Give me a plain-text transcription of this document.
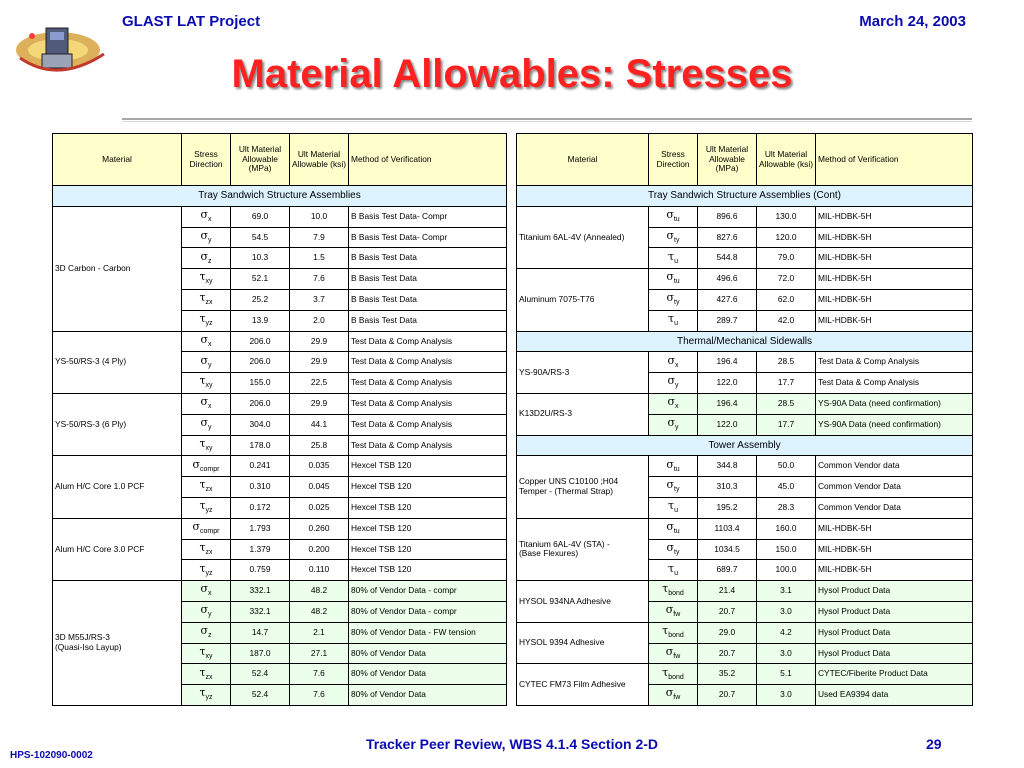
GLAST LAT Project	March 24, 2003
Material Allowables: Stresses
Material	Stress Direction	Ult Material Allowable (MPa)	Ult Material Allowable (ksi)	Method of Verification
Tray Sandwich Structure Assemblies				
3D Carbon - Carbon	$\sigma_x$	69.0	10.0	B Basis Test Data- Compr
	$\sigma_y$	54.5	7.9	B Basis Test Data- Compr
	$\sigma_z$	10.3	1.5	B Basis Test Data
	$\tau_{xy}$	52.1	7.6	B Basis Test Data
	$\tau_{zx}$	25.2	3.7	B Basis Test Data
	$\tau_{yz}$	13.9	2.0	B Basis Test Data
YS-50/RS-3 (4 Ply)	$\sigma_x$	206.0	29.9	Test Data & Comp Analysis
	$\sigma_y$	206.0	29.9	Test Data & Comp Analysis
	$\tau_{xy}$	155.0	22.5	Test Data & Comp Analysis
YS-50/RS-3 (6 Ply)	$\sigma_x$	206.0	29.9	Test Data & Comp Analysis
	$\sigma_y$	304.0	44.1	Test Data & Comp Analysis
	$\tau_{xy}$	178.0	25.8	Test Data & Comp Analysis
Alum H/C Core 1.0 PCF	$\sigma_{compr}$	0.241	0.035	Hexcel TSB 120
	$\tau_{zx}$	0.310	0.045	Hexcel TSB 120
	$\tau_{yz}$	0.172	0.025	Hexcel TSB 120
Alum H/C Core 3.0 PCF	$\sigma_{compr}$	1.793	0.260	Hexcel TSB 120
	$\tau_{zx}$	1.379	0.200	Hexcel TSB 120
	$\tau_{yz}$	0.759	0.110	Hexcel TSB 120
3D M55J/RS-3
(Quasi-Iso Layup)	$\sigma_x$	332.1	48.2	80% of Vendor Data - compr
	$\sigma_y$	332.1	48.2	80% of Vendor Data - compr
	$\sigma_z$	14.7	2.1	80% of Vendor Data - FW tension
	$\tau_{xy}$	187.0	27.1	80% of Vendor Data
	$\tau_{zx}$	52.4	7.6	80% of Vendor Data
	$\tau_{yz}$	52.4	7.6	80% of Vendor Data
Material	Stress Direction	Ult Material Allowable (MPa)	Ult Material Allowable (ksi)	Method of Verification
Tray Sandwich Structure Assemblies (Cont)				
Titanium 6AL-4V (Annealed)	$\sigma_{tu}$	896.6	130.0	MIL-HDBK-5H
	$\sigma_{ty}$	827.6	120.0	MIL-HDBK-5H
	$\tau_u$	544.8	79.0	MIL-HDBK-5H
Aluminum 7075-T76	$\sigma_{tu}$	496.6	72.0	MIL-HDBK-5H
	$\sigma_{ty}$	427.6	62.0	MIL-HDBK-5H
	$\tau_u$	289.7	42.0	MIL-HDBK-5H
Thermal/Mechanical Sidewalls				
YS-90A/RS-3	$\sigma_x$	196.4	28.5	Test Data & Comp Analysis
	$\sigma_y$	122.0	17.7	Test Data & Comp Analysis
K13D2U/RS-3	$\sigma_x$	196.4	28.5	YS-90A Data (need confirmation)
	$\sigma_y$	122.0	17.7	YS-90A Data (need confirmation)
Tower Assembly				
Copper UNS C10100 ;H04
Temper - (Thermal Strap)	$\sigma_{tu}$	344.8	50.0	Common Vendor data
	$\sigma_{ty}$	310.3	45.0	Common Vendor Data
	$\tau_u$	195.2	28.3	Common Vendor Data
Titanium 6AL-4V (STA) -
(Base Flexures)	$\sigma_{tu}$	1103.4	160.0	MIL-HDBK-5H
	$\sigma_{ty}$	1034.5	150.0	MIL-HDBK-5H
	$\tau_u$	689.7	100.0	MIL-HDBK-5H
HYSOL 934NA Adhesive	$\tau_{bond}$	21.4	3.1	Hysol Product Data
	$\sigma_{fw}$	20.7	3.0	Hysol Product Data
HYSOL 9394 Adhesive	$\tau_{bond}$	29.0	4.2	Hysol Product Data
	$\sigma_{fw}$	20.7	3.0	Hysol Product Data
CYTEC FM73 Film Adhesive	$\tau_{bond}$	35.2	5.1	CYTEC/Fiberite Product Data
	$\sigma_{fw}$	20.7	3.0	Used EA9394 data
HPS-102090-0002
Tracker Peer Review, WBS 4.1.4 Section 2-D	29
